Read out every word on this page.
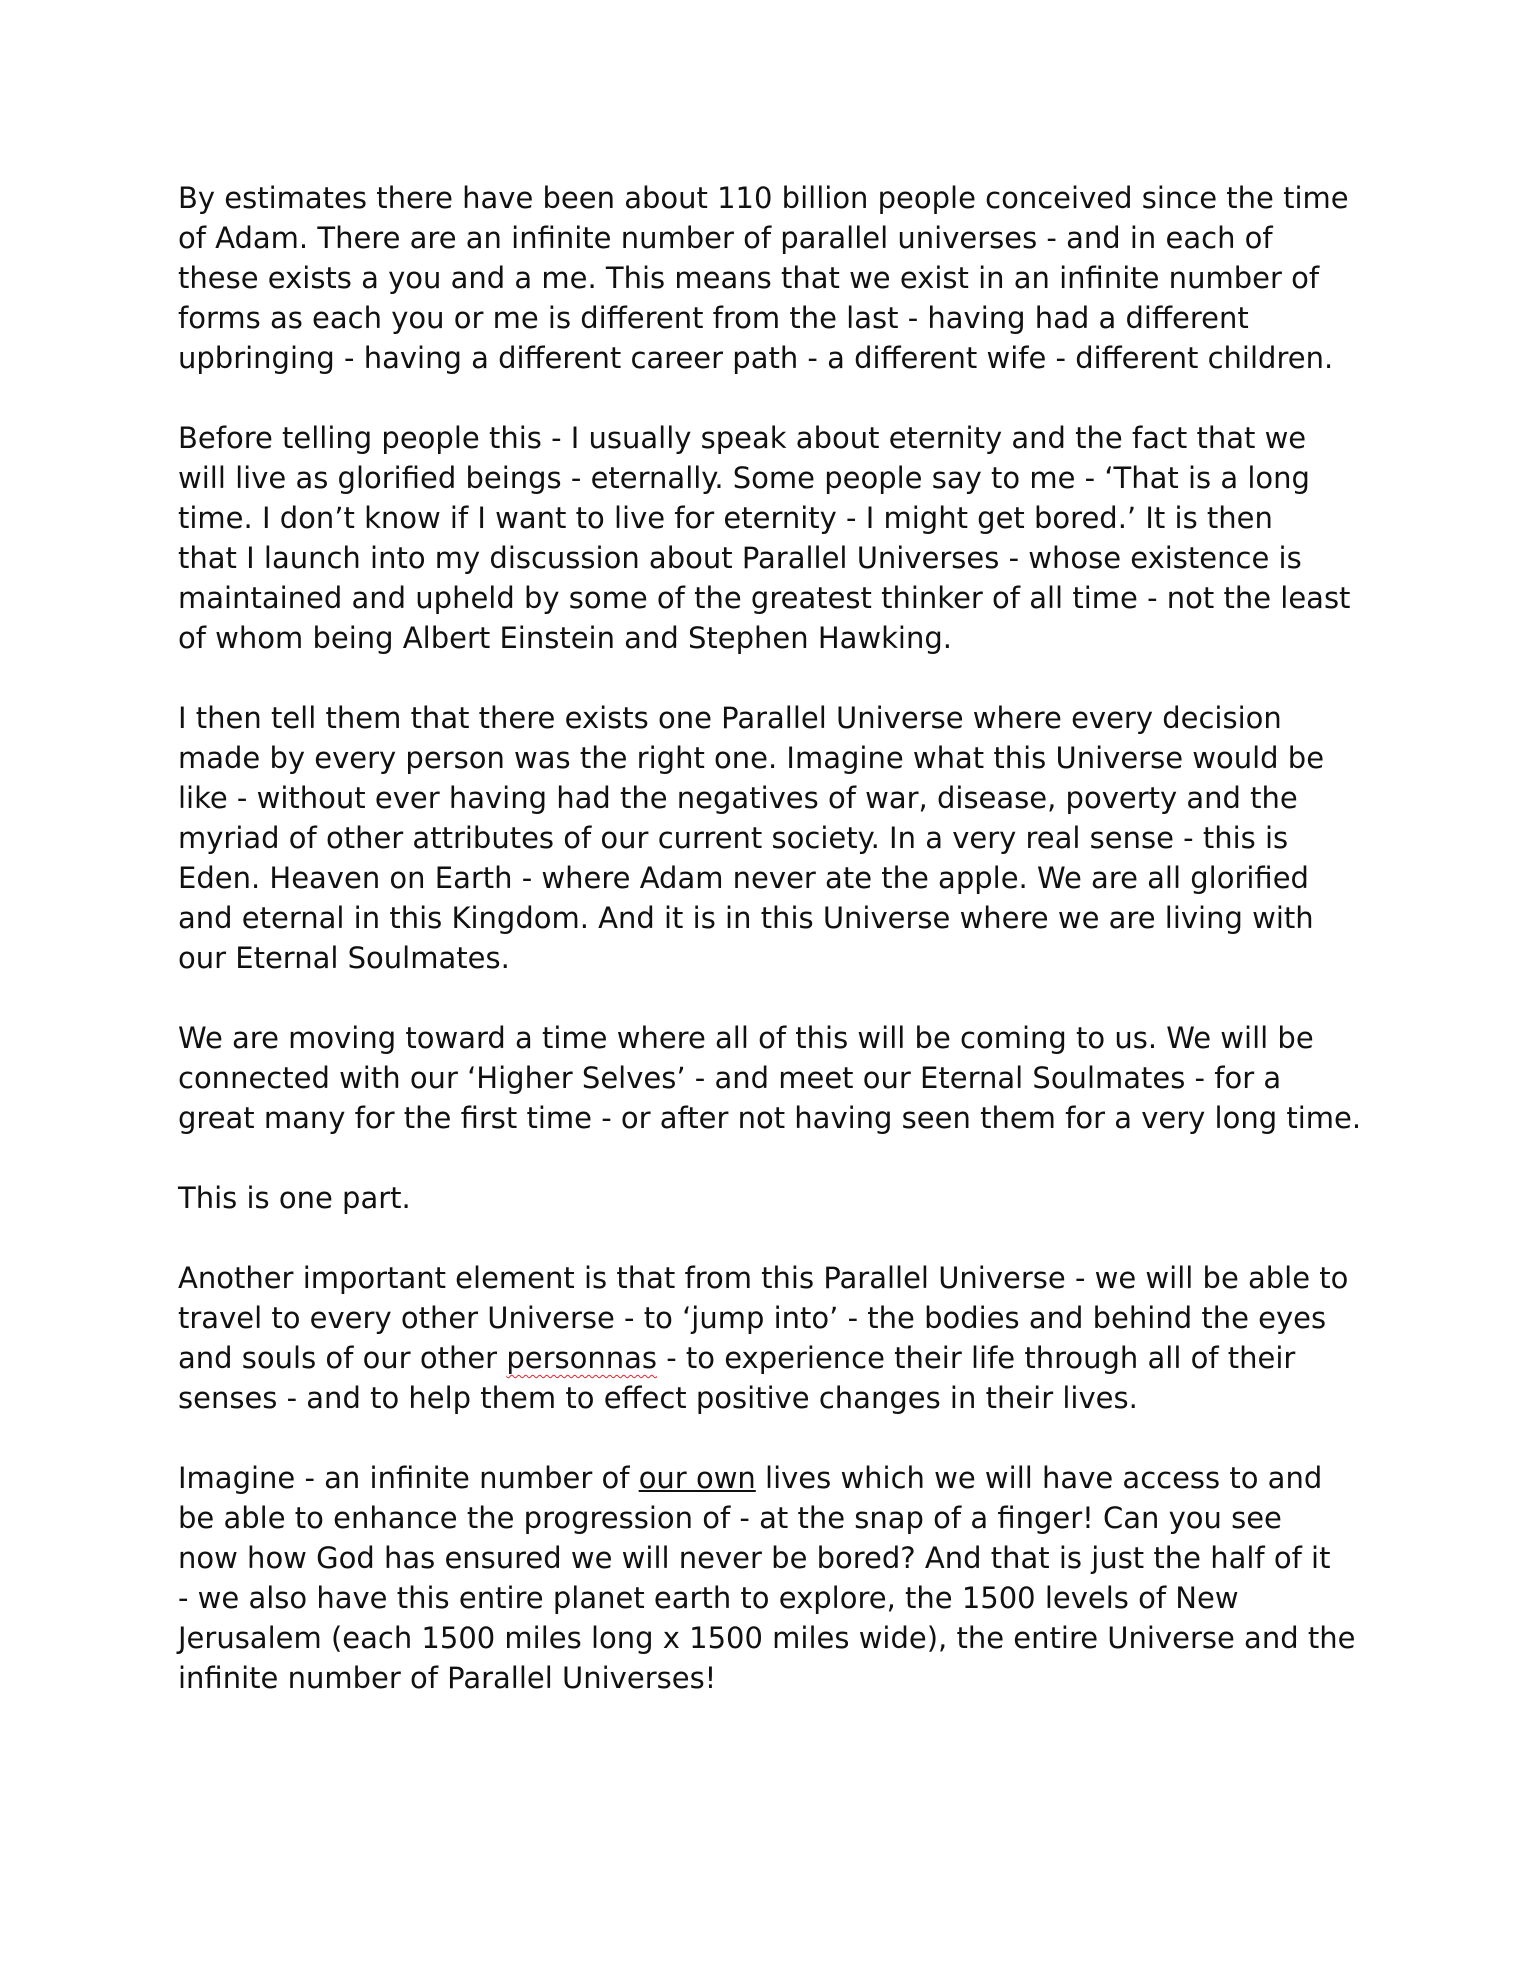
By estimates there have been about 110 billion people conceived since the time
of Adam. There are an infinite number of parallel universes - and in each of
these exists a you and a me. This means that we exist in an infinite number of
forms as each you or me is different from the last - having had a different
upbringing - having a different career path - a different wife - different children.

Before telling people this - I usually speak about eternity and the fact that we
will live as glorified beings - eternally. Some people say to me - ‘That is a long
time. I don’t know if I want to live for eternity - I might get bored.’ It is then
that I launch into my discussion about Parallel Universes - whose existence is
maintained and upheld by some of the greatest thinker of all time - not the least
of whom being Albert Einstein and Stephen Hawking.

I then tell them that there exists one Parallel Universe where every decision
made by every person was the right one. Imagine what this Universe would be
like - without ever having had the negatives of war, disease, poverty and the
myriad of other attributes of our current society. In a very real sense - this is
Eden. Heaven on Earth - where Adam never ate the apple. We are all glorified
and eternal in this Kingdom. And it is in this Universe where we are living with
our Eternal Soulmates.

We are moving toward a time where all of this will be coming to us. We will be
connected with our ‘Higher Selves’ - and meet our Eternal Soulmates - for a
great many for the first time - or after not having seen them for a very long time.

This is one part.

Another important element is that from this Parallel Universe - we will be able to
travel to every other Universe - to ‘jump into’ - the bodies and behind the eyes
and souls of our other personnas - to experience their life through all of their
senses - and to help them to effect positive changes in their lives.

Imagine - an infinite number of our own lives which we will have access to and
be able to enhance the progression of - at the snap of a finger! Can you see
now how God has ensured we will never be bored? And that is just the half of it
- we also have this entire planet earth to explore, the 1500 levels of New
Jerusalem (each 1500 miles long x 1500 miles wide), the entire Universe and the
infinite number of Parallel Universes!
